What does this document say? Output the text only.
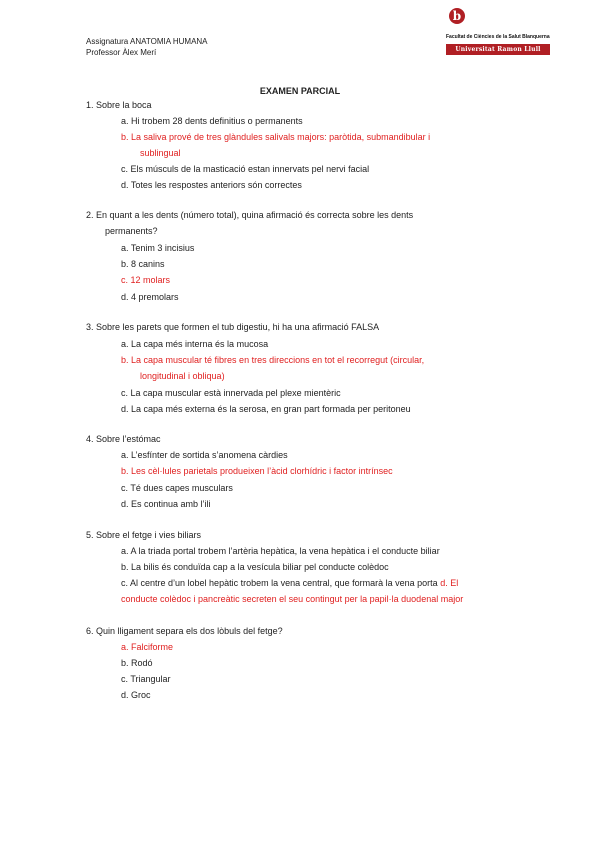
Assignatura ANATOMIA HUMANA
Professor Àlex Merí
b
Facultat de Ciències de la Salut Blanquerna
Universitat Ramon Llull
EXAMEN PARCIAL
1. Sobre la boca
a. Hi trobem 28 dents definitius o permanents
b. La saliva prové de tres glàndules salivals majors: paròtida, submandibular i
sublingual
c. Els músculs de la masticació estan innervats pel nervi facial
d. Totes les respostes anteriors són correctes
2. En quant a les dents (número total), quina afirmació és correcta sobre les dents
permanents?
a. Tenim 3 incisius
b. 8 canins
c. 12 molars
d. 4 premolars
3. Sobre les parets que formen el tub digestiu, hi ha una afirmació FALSA
a. La capa més interna és la mucosa
b. La capa muscular té fibres en tres direccions en tot el recorregut (circular,
longitudinal i obliqua)
c. La capa muscular està innervada pel plexe mientèric
d. La capa més externa és la serosa, en gran part formada per peritoneu
4. Sobre l’estómac
a. L’esfínter de sortida s’anomena càrdies
b. Les cèl·lules parietals produeixen l’àcid clorhídric i factor intrínsec
c. Té dues capes musculars
d. Es continua amb l’ili
5. Sobre el fetge i vies biliars
a. A la triada portal trobem l’artèria hepàtica, la vena hepàtica i el conducte biliar
b. La bilis és conduïda cap a la vesícula biliar pel conducte colèdoc
c. Al centre d’un lobel hepàtic trobem la vena central, que formarà la vena porta d. El
conducte colèdoc i pancreàtic secreten el seu contingut per la papil·la duodenal major
6. Quin lligament separa els dos lòbuls del fetge?
a. Falciforme
b. Rodó
c. Triangular
d. Groc
